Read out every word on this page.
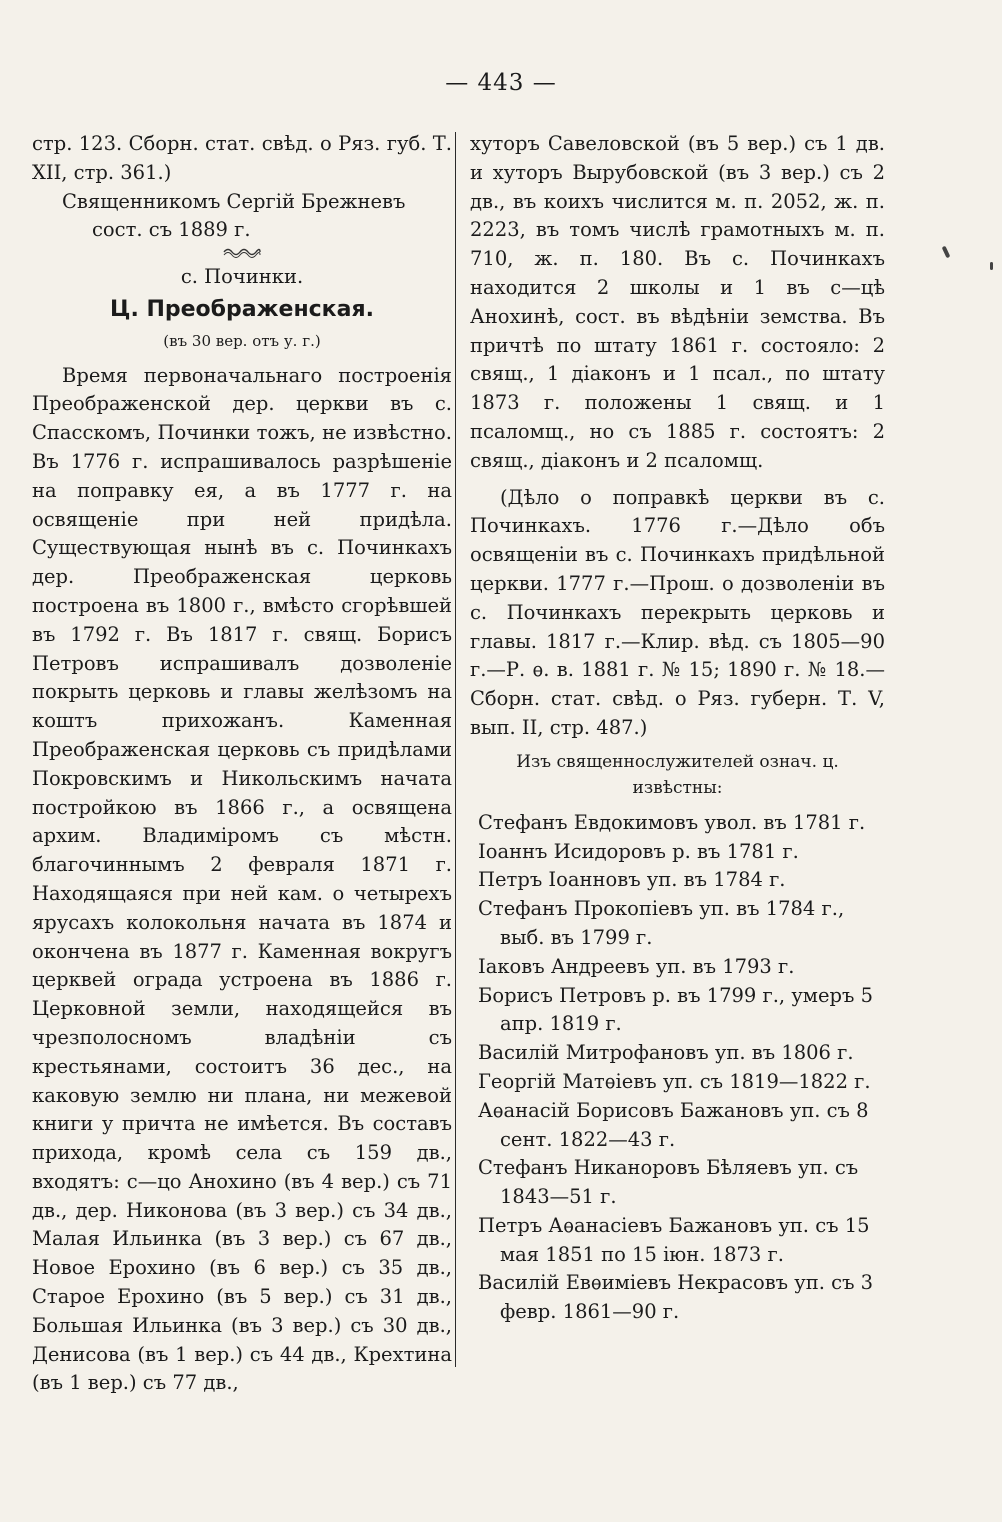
— 443 —

стр. 123. Сборн. стат. свѣд. о Ряз. губ. Т. XII, стр. 361.)

Священникомъ Сергій Брежневъ сост. съ 1889 г.

с. Починки.

Ц. Преображенская.

(въ 30 вер. отъ у. г.)

Время первоначальнаго построенія Преображенской дер. церкви въ с. Спасскомъ, Починки тожъ, не извѣстно. Въ 1776 г. испрашивалось разрѣшеніе на поправку ея, а въ 1777 г. на освященіе при ней придѣла. Существующая нынѣ въ с. Починкахъ дер. Преображенская церковь построена въ 1800 г., вмѣсто сгорѣвшей въ 1792 г. Въ 1817 г. свящ. Борисъ Петровъ испрашивалъ дозволеніе покрыть церковь и главы желѣзомъ на коштъ прихожанъ. Каменная Преображенская церковь съ придѣлами Покровскимъ и Никольскимъ начата постройкою въ 1866 г., а освящена архим. Владиміромъ съ мѣстн. благочиннымъ 2 февраля 1871 г. Находящаяся при ней кам. о четырехъ ярусахъ колокольня начата въ 1874 и окончена въ 1877 г. Каменная вокругъ церквей ограда устроена въ 1886 г. Церковной земли, находящейся въ чрезполосномъ владѣніи съ крестьянами, состоитъ 36 дес., на каковую землю ни плана, ни межевой книги у причта не имѣется. Въ составъ прихода, кромѣ села съ 159 дв., входятъ: с—цо Анохино (въ 4 вер.) съ 71 дв., дер. Никонова (въ 3 вер.) съ 34 дв., Малая Ильинка (въ 3 вер.) съ 67 дв., Новое Ерохино (въ 6 вер.) съ 35 дв., Старое Ерохино (въ 5 вер.) съ 31 дв., Большая Ильинка (въ 3 вер.) съ 30 дв., Денисова (въ 1 вер.) съ 44 дв., Крехтина (въ 1 вер.) съ 77 дв.,

хуторъ Савеловской (въ 5 вер.) съ 1 дв. и хуторъ Вырубовской (въ 3 вер.) съ 2 дв., въ коихъ числится м. п. 2052, ж. п. 2223, въ томъ числѣ грамотныхъ м. п. 710, ж. п. 180. Въ с. Починкахъ находится 2 школы и 1 въ с—цѣ Анохинѣ, сост. въ вѣдѣніи земства. Въ причтѣ по штату 1861 г. состояло: 2 свящ., 1 діаконъ и 1 псал., по штату 1873 г. положены 1 свящ. и 1 псаломщ., но съ 1885 г. состоятъ: 2 свящ., діаконъ и 2 псаломщ.

(Дѣло о поправкѣ церкви въ с. Починкахъ. 1776 г.—Дѣло объ освященіи въ с. Починкахъ придѣльной церкви. 1777 г.—Прош. о дозволеніи въ с. Починкахъ перекрыть церковь и главы. 1817 г.—Клир. вѣд. съ 1805—90 г.—Р. ѳ. в. 1881 г. № 15; 1890 г. № 18.—Сборн. стат. свѣд. о Ряз. губерн. Т. V, вып. II, стр. 487.)

Изъ священнослужителей означ. ц. извѣстны:

Стефанъ Евдокимовъ увол. въ 1781 г.

Іоаннъ Исидоровъ р. въ 1781 г.

Петръ Іоанновъ уп. въ 1784 г.

Стефанъ Прокопіевъ уп. въ 1784 г., выб. въ 1799 г.

Іаковъ Андреевъ уп. въ 1793 г.

Борисъ Петровъ р. въ 1799 г., умеръ 5 апр. 1819 г.

Василій Митрофановъ уп. въ 1806 г.

Георгій Матѳіевъ уп. съ 1819—1822 г.

Аѳанасій Борисовъ Бажановъ уп. съ 8 сент. 1822—43 г.

Стефанъ Никаноровъ Бѣляевъ уп. съ 1843—51 г.

Петръ Аѳанасіевъ Бажановъ уп. съ 15 мая 1851 по 15 іюн. 1873 г.

Василій Евѳиміевъ Некрасовъ уп. съ 3 февр. 1861—90 г.
